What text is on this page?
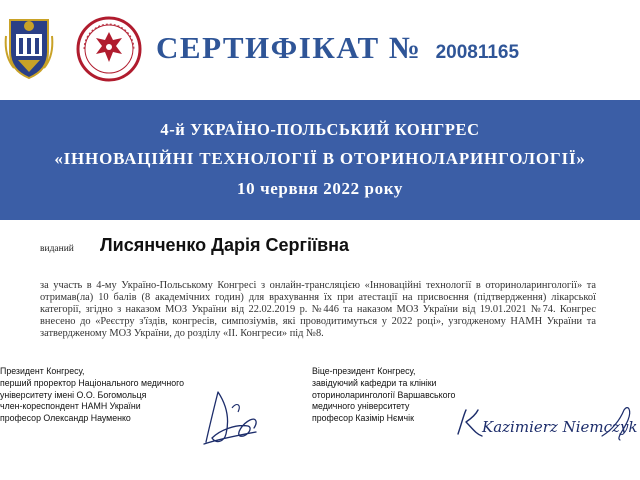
СЕРТИФІКАТ № 20081165
4-й УКРАЇНО-ПОЛЬСЬКИЙ КОНГРЕС
«ІННОВАЦІЙНІ ТЕХНОЛОГІЇ В ОТОРИНОЛАРИНГОЛОГІЇ»
10 червня 2022 року
виданий	Лисянченко Дарія Сергіївна

за участь в 4-му Україно-Польському Конгресі з онлайн-трансляцією «Інноваційні технології в оториноларингології» та отримав(ла) 10 балів (8 академічних годин) для врахування їх при атестації на присвоєння (підтвердження) лікарської категорії, згідно з наказом МОЗ України від 22.02.2019 р. №446 та наказом МОЗ України від 19.01.2021 №74. Конгрес внесено до «Реєстру з'їздів, конгресів, симпозіумів, які проводитимуться у 2022 році», узгодженому НАМН України та затвердженому МОЗ України, до розділу «ІІ. Конгреси» під №8.

Президент Конгресу,
перший проректор Національного медичного
університету імені О.О. Богомольця
член-кореспондент НАМН України
професор Олександр Науменко
Віце-президент Конгресу,
завідуючий кафедри та клініки
оториноларингології Варшавського
медичного університету
професор Казімір Нємчік	Kazimierz Niemczyk
